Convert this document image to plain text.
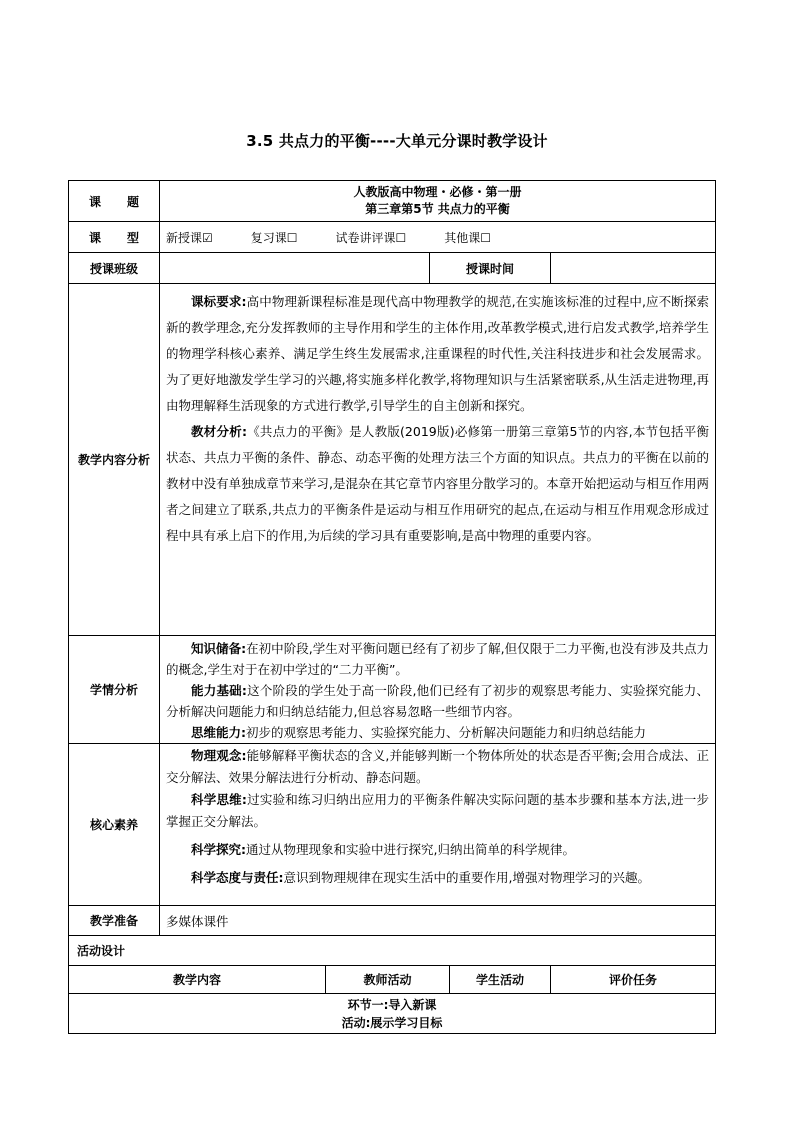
3.5 共点力的平衡----大单元分课时教学设计
课 题	人教版高中物理・必修・第一册
第三章第5节 共点力的平衡				

课 型	新授课☑ 复习课☐ 试卷讲评课☐ 其他课☐				
授课班级			授课时间		
教学内容分析	课标要求:高中物理新课程标准是现代高中物理教学的规范,在实施该标准的过程中,应不断探索新的教学理念,充分发挥教师的主导作用和学生的主体作用,改革教学模式,进行启发式教学,培养学生的物理学科核心素养、满足学生终生发展需求,注重课程的时代性,关注科技进步和社会发展需求。为了更好地激发学生学习的兴趣,将实施多样化教学,将物理知识与生活紧密联系,从生活走进物理,再由物理解释生活现象的方式进行教学,引导学生的自主创新和探究。

教材分析:《共点力的平衡》是人教版(2019版)必修第一册第三章第5节的内容,本节包括平衡状态、共点力平衡的条件、静态、动态平衡的处理方法三个方面的知识点。共点力的平衡在以前的教材中没有单独成章节来学习,是混杂在其它章节内容里分散学习的。本章开始把运动与相互作用两者之间建立了联系,共点力的平衡条件是运动与相互作用研究的起点,在运动与相互作用观念形成过程中具有承上启下的作用,为后续的学习具有重要影响,是高中物理的重要内容。				

学情分析	知识储备:在初中阶段,学生对平衡问题已经有了初步了解,但仅限于二力平衡,也没有涉及共点力的概念,学生对于在初中学过的“二力平衡”。

能力基础:这个阶段的学生处于高一阶段,他们已经有了初步的观察思考能力、实验探究能力、分析解决问题能力和归纳总结能力,但总容易忽略一些细节内容。

思维能力:初步的观察思考能力、实验探究能力、分析解决问题能力和归纳总结能力				

核心素养	物理观念:能够解释平衡状态的含义,并能够判断一个物体所处的状态是否平衡;会用合成法、正交分解法、效果分解法进行分析动、静态问题。

科学思维:过实验和练习归纳出应用力的平衡条件解决实际问题的基本步骤和基本方法,进一步掌握正交分解法。

科学探究:通过从物理现象和实验中进行探究,归纳出简单的科学规律。

科学态度与责任:意识到物理规律在现实生活中的重要作用,增强对物理学习的兴趣。				

教学准备	多媒体课件				
活动设计					
教学内容		教师活动		学生活动	评价任务

环节一:导入新课
活动:展示学习目标					
